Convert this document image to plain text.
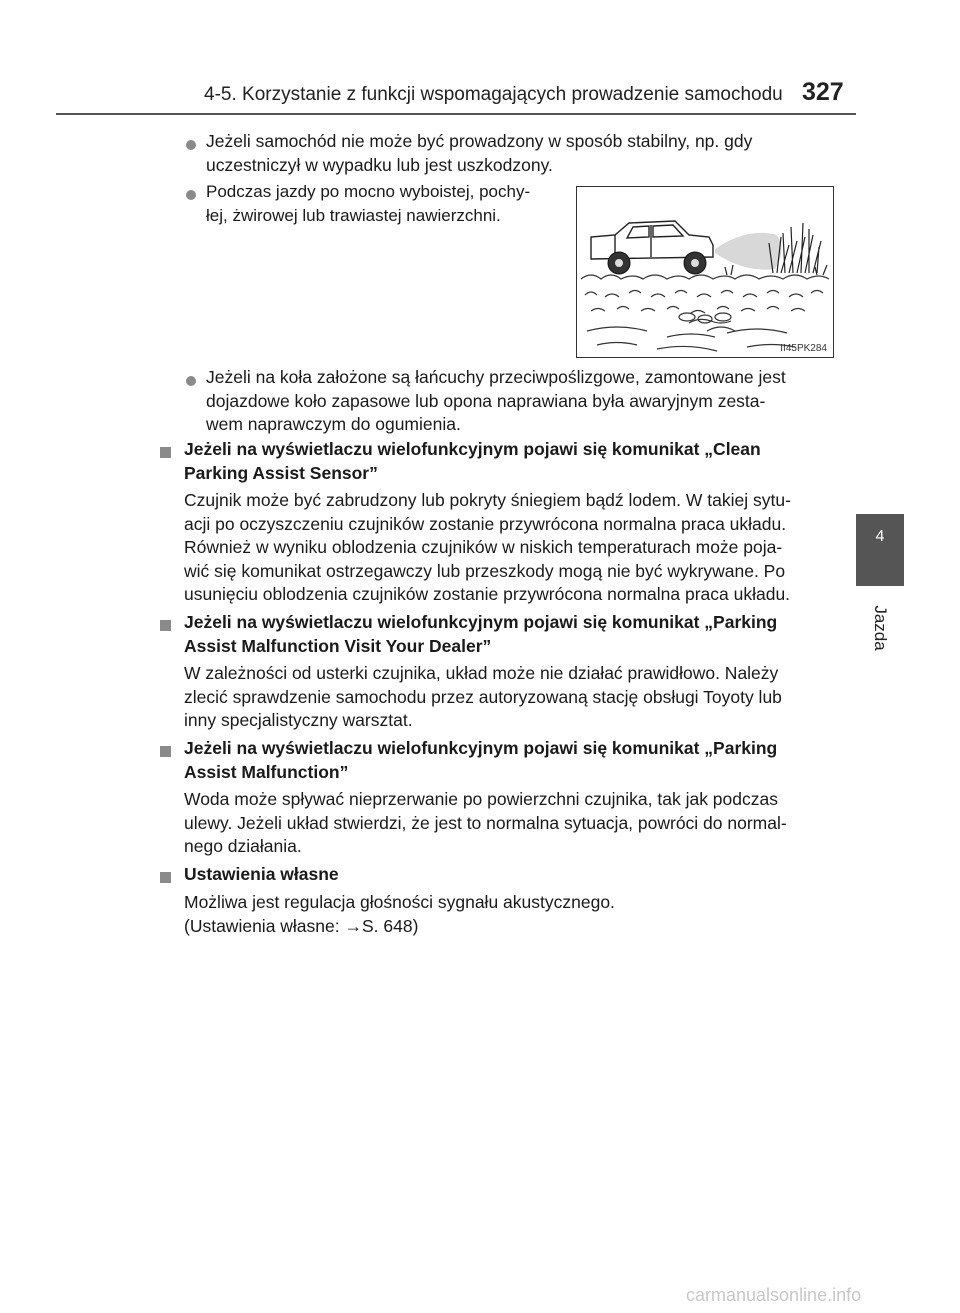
4-5. Korzystanie z funkcji wspomagających prowadzenie samochodu 327
4
Jazda

Jeżeli samochód nie może być prowadzony w sposób stabilny, np. gdy
uczestniczył w wypadku lub jest uszkodzony.

Podczas jazdy po mocno wyboistej, pochy-
łej, żwirowej lub trawiastej nawierzchni.

II45PK284

Jeżeli na koła założone są łańcuchy przeciwpoślizgowe, zamontowane jest
dojazdowe koło zapasowe lub opona naprawiana była awaryjnym zesta-
wem naprawczym do ogumienia.

Jeżeli na wyświetlaczu wielofunkcyjnym pojawi się komunikat „Clean
Parking Assist Sensor”

Czujnik może być zabrudzony lub pokryty śniegiem bądź lodem. W takiej sytu-
acji po oczyszczeniu czujników zostanie przywrócona normalna praca układu.
Również w wyniku oblodzenia czujników w niskich temperaturach może poja-
wić się komunikat ostrzegawczy lub przeszkody mogą nie być wykrywane. Po
usunięciu oblodzenia czujników zostanie przywrócona normalna praca układu.

Jeżeli na wyświetlaczu wielofunkcyjnym pojawi się komunikat „Parking
Assist Malfunction Visit Your Dealer”

W zależności od usterki czujnika, układ może nie działać prawidłowo. Należy
zlecić sprawdzenie samochodu przez autoryzowaną stację obsługi Toyoty lub
inny specjalistyczny warsztat.

Jeżeli na wyświetlaczu wielofunkcyjnym pojawi się komunikat „Parking
Assist Malfunction”

Woda może spływać nieprzerwanie po powierzchni czujnika, tak jak podczas
ulewy. Jeżeli układ stwierdzi, że jest to normalna sytuacja, powróci do normal-
nego działania.

Ustawienia własne

Możliwa jest regulacja głośności sygnału akustycznego.
(Ustawienia własne: →S. 648)

carmanualsonline.info
